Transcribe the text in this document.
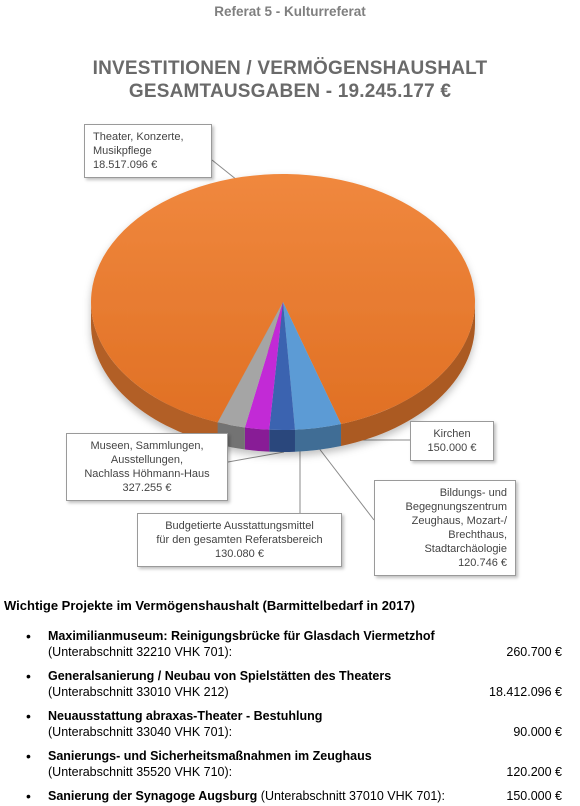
Referat 5 - Kulturreferat
INVESTITIONEN / VERMÖGENSHAUSHALT
GESAMTAUSGABEN - 19.245.177 €
Theater, Konzerte,
Musikpflege
18.517.096 €
Museen, Sammlungen,
Ausstellungen,
Nachlass Höhmann-Haus
327.255 €
Budgetierte Ausstattungsmittel
für den gesamten Referatsbereich
130.080 €
Bildungs- und
Begegnungszentrum
Zeughaus, Mozart-/
Brechthaus,
Stadtarchäologie
120.746 €
Kirchen
150.000 €
Wichtige Projekte im Vermögenshaushalt (Barmittelbedarf in 2017)
• Maximilianmuseum: Reinigungsbrücke für Glasdach Viermetzhof
(Unterabschnitt 32210 VHK 701):	260.700 €
• Generalsanierung / Neubau von Spielstätten des Theaters
(Unterabschnitt 33010 VHK 212)	18.412.096 €
• Neuausstattung abraxas-Theater - Bestuhlung
(Unterabschnitt 33040 VHK 701):	90.000 €
• Sanierungs- und Sicherheitsmaßnahmen im Zeughaus
(Unterabschnitt 35520 VHK 710):	120.200 €
• Sanierung der Synagoge Augsburg (Unterabschnitt 37010 VHK 701):	150.000 €
